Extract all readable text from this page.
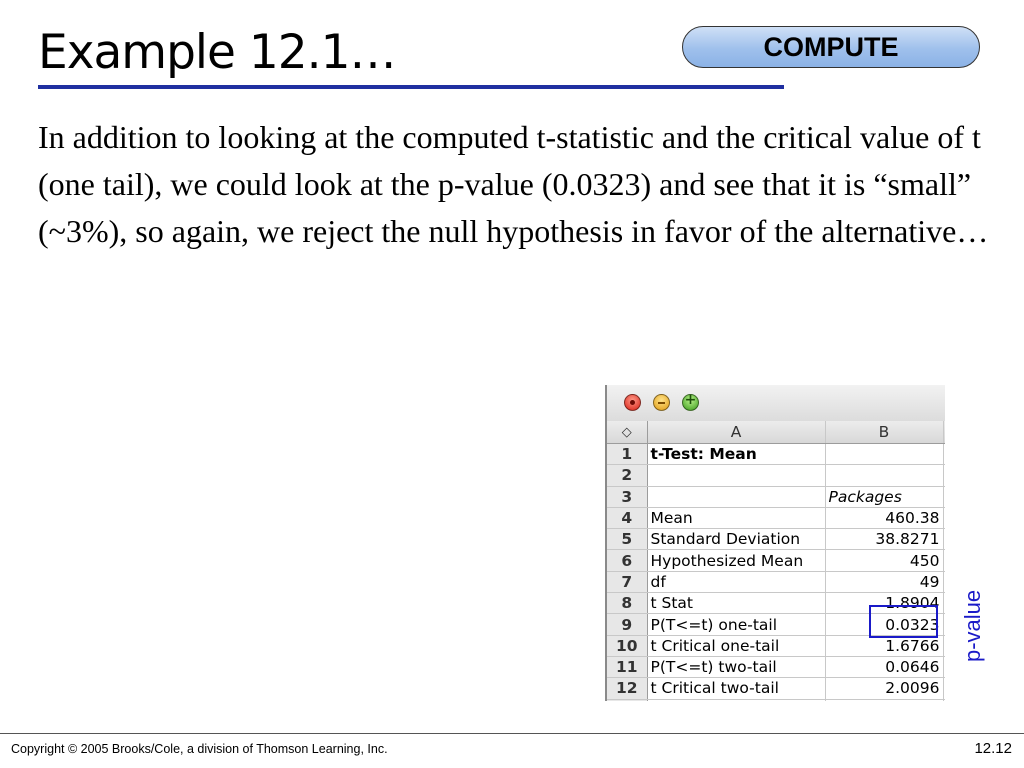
Example 12.1…	COMPUTE
In addition to looking at the computed t-statistic and the critical value of t (one tail), we could look at the p-value (0.0323) and see that it is “small” (~3%), so again, we reject the null hypothesis in favor of the alternative…
+
◇	A	B	
1	t-Test: Mean		
2			
3		Packages	
4	Mean	460.38	
5	Standard Deviation	38.8271	
6	Hypothesized Mean	450	
7	df	49	
8	t Stat	1.8904	
9	P(T<=t) one-tail	0.0323	
10	t Critical one-tail	1.6766	
11	P(T<=t) two-tail	0.0646	
12	t Critical two-tail	2.0096	

p-value
Copyright © 2005 Brooks/Cole, a division of Thomson Learning, Inc.	12.12
